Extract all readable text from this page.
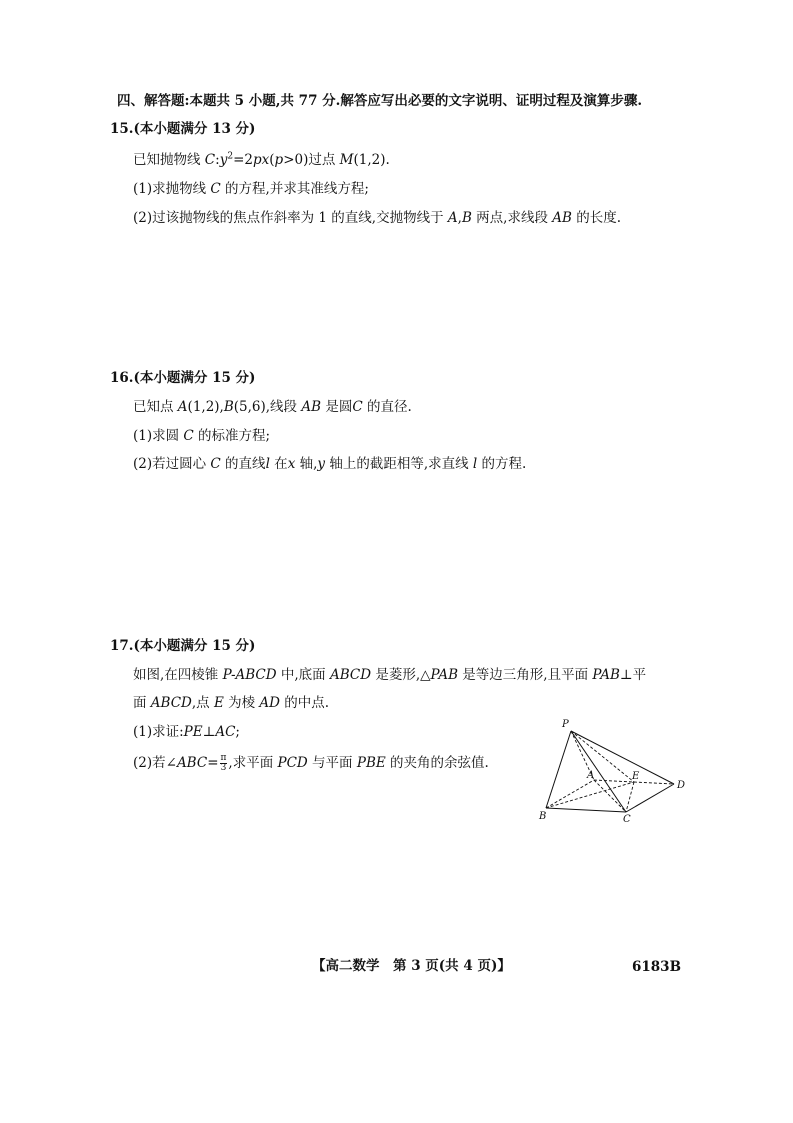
四、解答题:本题共 5 小题,共 77 分.解答应写出必要的文字说明、证明过程及演算步骤.
15.(本小题满分 13 分)
已知抛物线 $C:y^2=2px(p>0)$过点 M(1,2).
(1)求抛物线 C 的方程,并求其准线方程;
(2)过该抛物线的焦点作斜率为 1 的直线,交抛物线于 A,B 两点,求线段 AB 的长度.
16.(本小题满分 15 分)
已知点 A(1,2),B(5,6),线段 AB 是圆C 的直径.
(1)求圆 C 的标准方程;
(2)若过圆心 C 的直线l 在x 轴,y 轴上的截距相等,求直线 l 的方程.
17.(本小题满分 15 分)
如图,在四棱锥 P-ABCD 中,底面 ABCD 是菱形,△PAB 是等边三角形,且平面 PAB⊥平
面 ABCD,点 E 为棱 AD 的中点.
(1)求证:PE⊥AC;
(2)若∠ABC= $\frac{\pi}{3}$ ,求平面 PCD 与平面 PBE 的夹角的余弦值.
P
A	E
D
B	C
【高二数学　第 3 页(共 4 页)】	6183B
